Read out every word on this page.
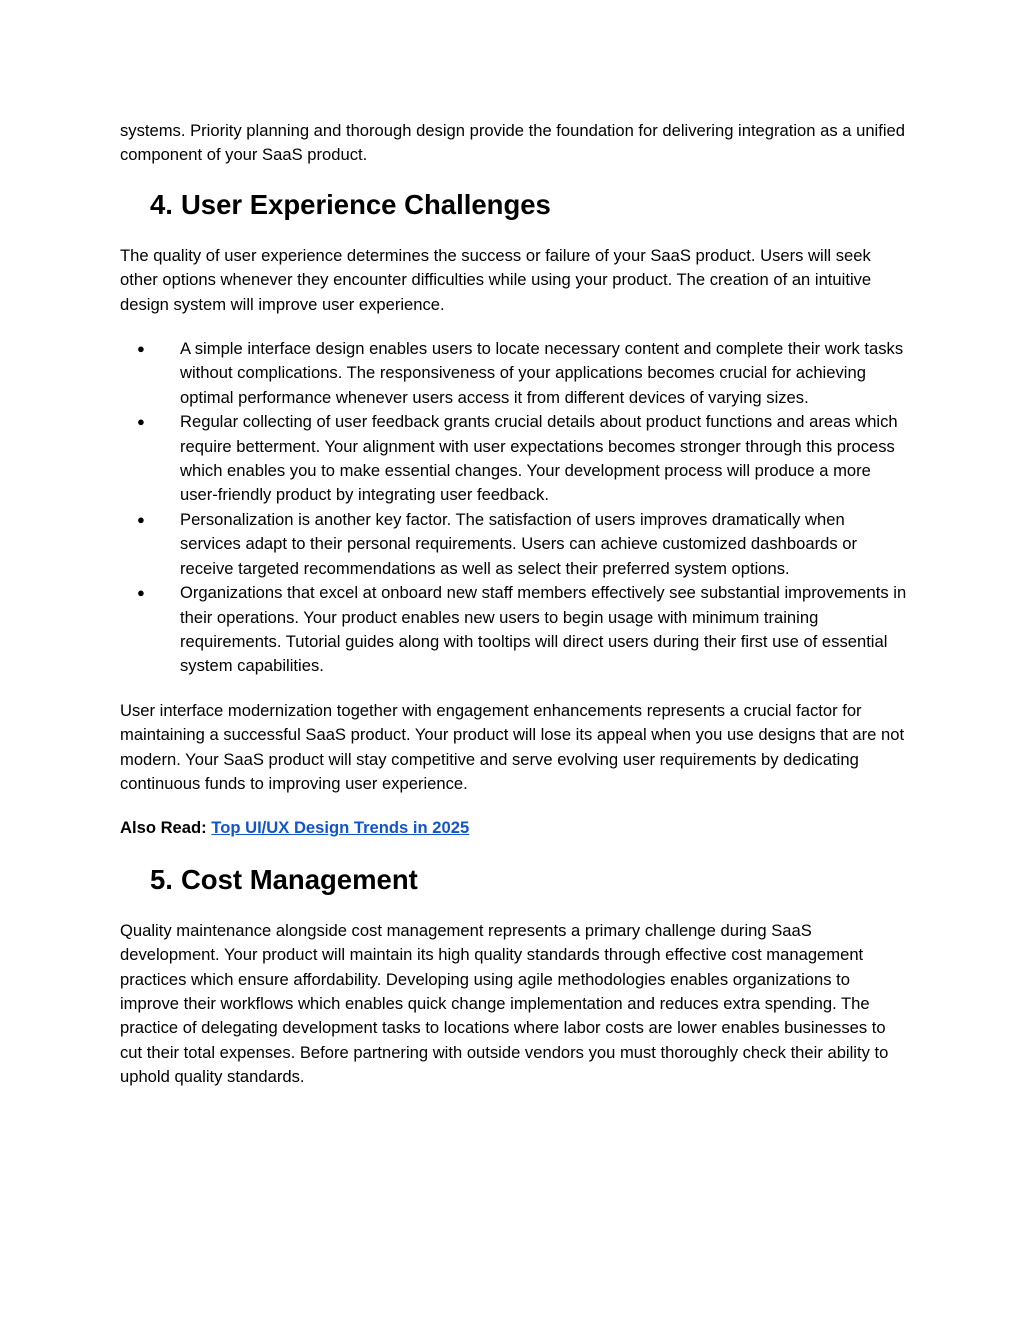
systems. Priority planning and thorough design provide the foundation for delivering integration as a unified component of your SaaS product.

4. User Experience Challenges

The quality of user experience determines the success or failure of your SaaS product. Users will seek other options whenever they encounter difficulties while using your product. The creation of an intuitive design system will improve user experience.

● A simple interface design enables users to locate necessary content and complete their work tasks without complications. The responsiveness of your applications becomes crucial for achieving optimal performance whenever users access it from different devices of varying sizes.
● Regular collecting of user feedback grants crucial details about product functions and areas which require betterment. Your alignment with user expectations becomes stronger through this process which enables you to make essential changes. Your development process will produce a more user-friendly product by integrating user feedback.
● Personalization is another key factor. The satisfaction of users improves dramatically when services adapt to their personal requirements. Users can achieve customized dashboards or receive targeted recommendations as well as select their preferred system options.
● Organizations that excel at onboard new staff members effectively see substantial improvements in their operations. Your product enables new users to begin usage with minimum training requirements. Tutorial guides along with tooltips will direct users during their first use of essential system capabilities.

User interface modernization together with engagement enhancements represents a crucial factor for maintaining a successful SaaS product. Your product will lose its appeal when you use designs that are not modern. Your SaaS product will stay competitive and serve evolving user requirements by dedicating continuous funds to improving user experience.

Also Read: Top UI/UX Design Trends in 2025

5. Cost Management

Quality maintenance alongside cost management represents a primary challenge during SaaS development. Your product will maintain its high quality standards through effective cost management practices which ensure affordability. Developing using agile methodologies enables organizations to improve their workflows which enables quick change implementation and reduces extra spending. The practice of delegating development tasks to locations where labor costs are lower enables businesses to cut their total expenses. Before partnering with outside vendors you must thoroughly check their ability to uphold quality standards.
